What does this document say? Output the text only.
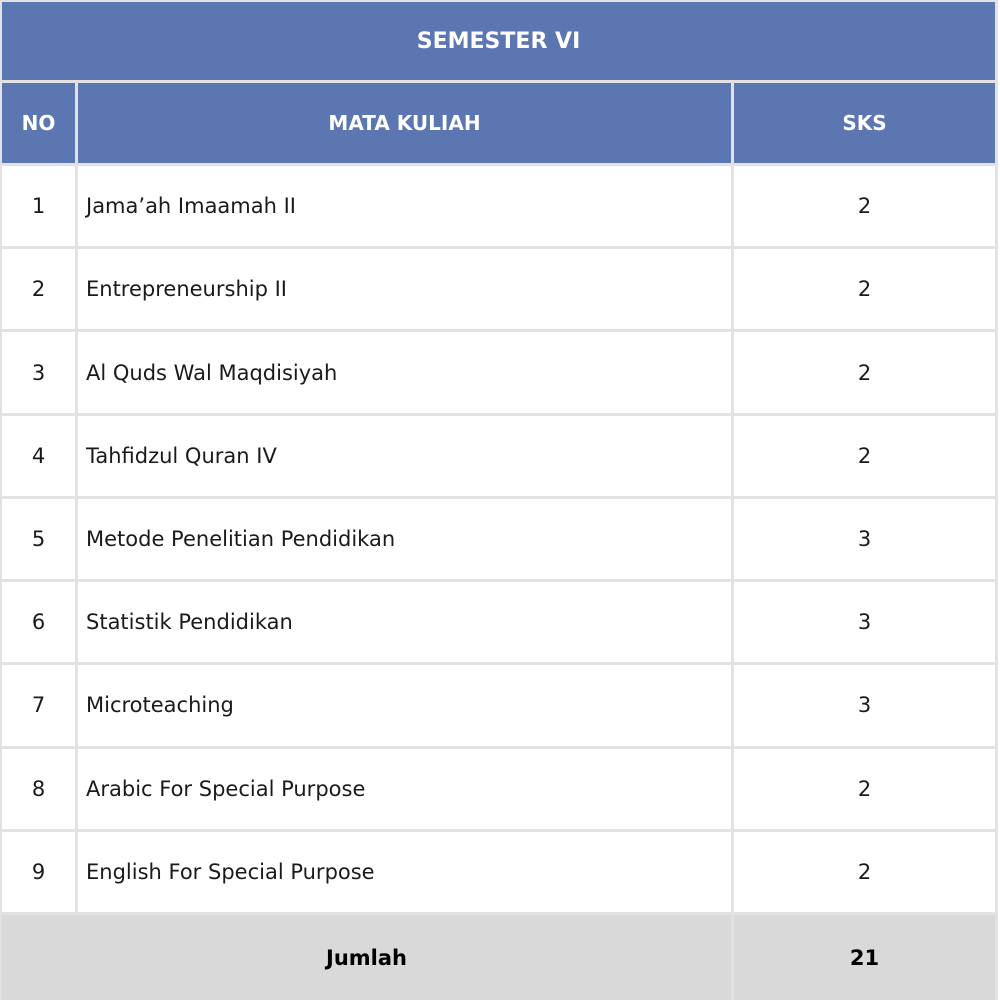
SEMESTER VI		
NO	MATA KULIAH	SKS
1	Jama’ah Imaamah II	2
2	Entrepreneurship II	2
3	Al Quds Wal Maqdisiyah	2
4	Tahfidzul Quran IV	2
5	Metode Penelitian Pendidikan	3
6	Statistik Pendidikan	3
7	Microteaching	3
8	Arabic For Special Purpose	2
9	English For Special Purpose	2
Jumlah		21
